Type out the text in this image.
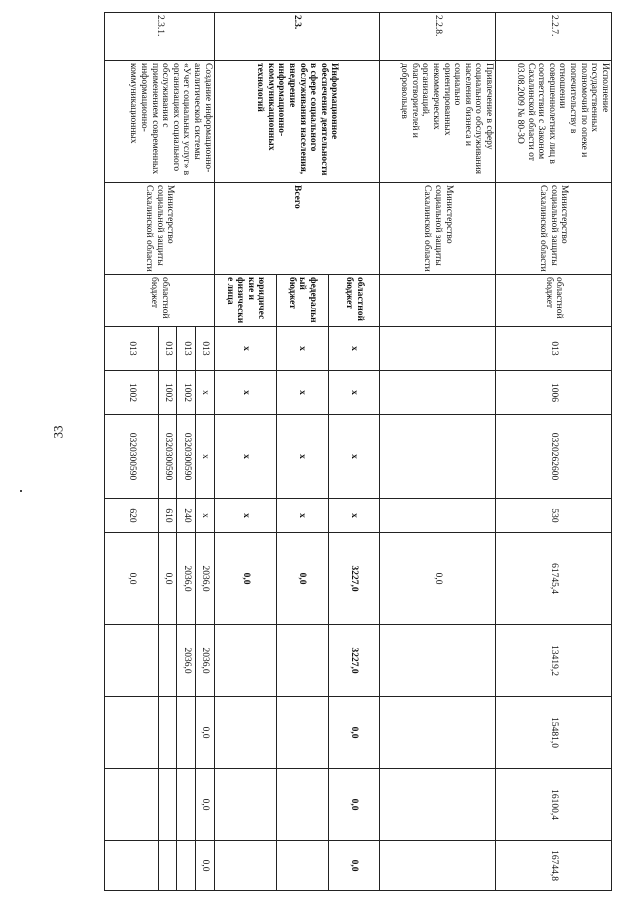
33
2.2.7.	Исполнение государственных полномочий по опеке и попечительству в отношении совершеннолетних лиц в соответствии с Законом Сахалинской области от 03.08.2009 № 80-ЗО	Министерство социальной защиты Сахалинской области	областной бюджет	013	1006	0320262600	530	61745,4	13419,2	15481,0	16100,4	16744,8
2.2.8.	Привлечение в сферу социального обслуживания населения бизнеса и социально ориентированных некоммерческих организаций, благотворителей и добровольцев	Министерство социальной защиты Сахалинской области						0,0				
2.3.	Информационное обеспечение деятельности в сфере социального обслуживания населения, внедрение информационно-коммуникационных технологий	Всего	областной бюджет	х	х	х	х	3227,0	3227,0	0,0	0,0	0,0
			федеральный бюджет	х	х	х	х	0,0				
			юридические и физические лица	х	х	х	х	0,0				
2.3.1.	Создание информационно-аналитической системы «Учет социальных услуг» в организациях социального обслуживания с применением современных информационно-коммуникационных	Министерство социальной защиты Сахалинской области	областной бюджет	013	х	х	х	2036,0	2036,0	0,0	0,0	0,0
				013	1002	0320300590	240	2036,0	2036,0			
				013	1002	0320300590	610	0,0				
				013	1002	0320300590	620	0,0				
